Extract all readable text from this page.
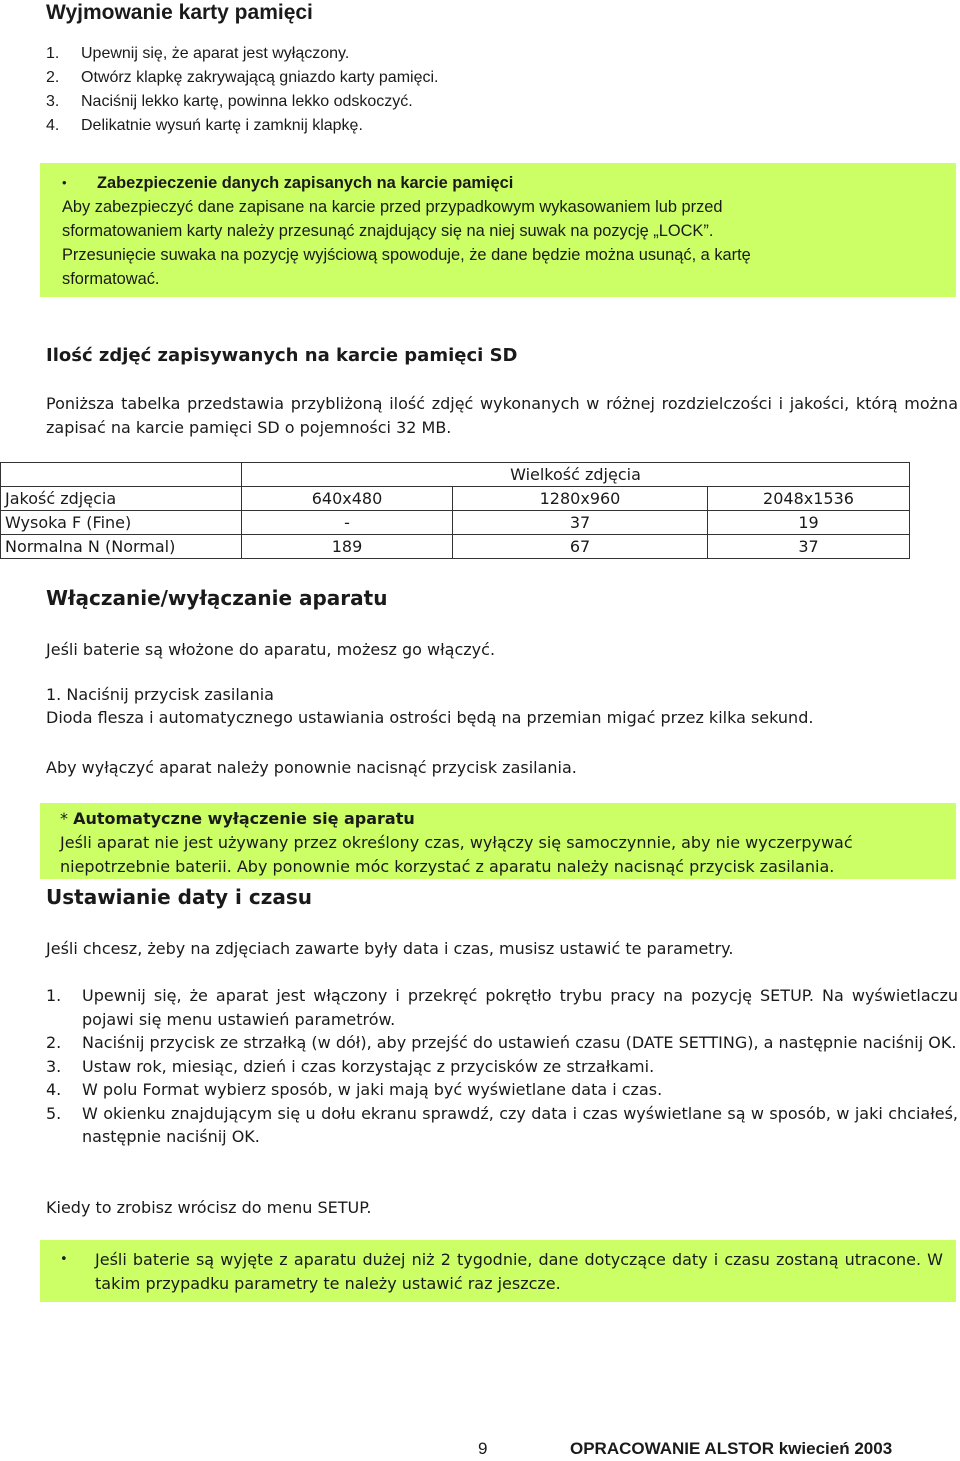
Wyjmowanie karty pamięci
1.	Upewnij się, że aparat jest wyłączony.
2.	Otwórz klapkę zakrywającą gniazdo karty pamięci.
3.	Naciśnij lekko kartę, powinna lekko odskoczyć.
4.	Delikatnie wysuń kartę i zamknij klapkę.
•	Zabezpieczenie danych zapisanych na karcie pamięci
Aby zabezpieczyć dane zapisane na karcie przed przypadkowym wykasowaniem lub przed
sformatowaniem karty należy przesunąć znajdujący się na niej suwak na pozycję „LOCK”.
Przesunięcie suwaka na pozycję wyjściową spowoduje, że dane będzie można usunąć, a kartę
sformatować.
Ilość zdjęć zapisywanych na karcie pamięci SD
Poniższa tabelka przedstawia przybliżoną ilość zdjęć wykonanych w różnej rozdzielczości i jakości, którą można zapisać na karcie pamięci SD o pojemności 32 MB.
	Wielkość zdjęcia		
Jakość zdjęcia	640x480	1280x960	2048x1536
Wysoka F (Fine)	-	37	19
Normalna N (Normal)	189	67	37
Włączanie/wyłączanie aparatu
Jeśli baterie są włożone do aparatu, możesz go włączyć.
1. Naciśnij przycisk zasilania
Dioda flesza i automatycznego ustawiania ostrości będą na przemian migać przez kilka sekund.
Aby wyłączyć aparat należy ponownie nacisnąć przycisk zasilania.
* Automatyczne wyłączenie się aparatu
Jeśli aparat nie jest używany przez określony czas, wyłączy się samoczynnie, aby nie wyczerpywać
niepotrzebnie baterii. Aby ponownie móc korzystać z aparatu należy nacisnąć przycisk zasilania.
Ustawianie daty i czasu
Jeśli chcesz, żeby na zdjęciach zawarte były data i czas, musisz ustawić te parametry.
1.	Upewnij się, że aparat jest włączony i przekręć pokrętło trybu pracy na pozycję SETUP. Na wyświetlaczu pojawi się menu ustawień parametrów.
2.	Naciśnij przycisk ze strzałką (w dół), aby przejść do ustawień czasu (DATE SETTING), a następnie naciśnij OK.
3.	Ustaw rok, miesiąc, dzień i czas korzystając z przycisków ze strzałkami.
4.	W polu Format wybierz sposób, w jaki mają być wyświetlane data i czas.
5.	W okienku znajdującym się u dołu ekranu sprawdź, czy data i czas wyświetlane są w sposób, w jaki chciałeś, następnie naciśnij OK.
Kiedy to zrobisz wrócisz do menu SETUP.
• Jeśli baterie są wyjęte z aparatu dużej niż 2 tygodnie, dane dotyczące daty i czasu zostaną utracone. W takim przypadku parametry te należy ustawić raz jeszcze.
9	OPRACOWANIE ALSTOR kwiecień 2003
